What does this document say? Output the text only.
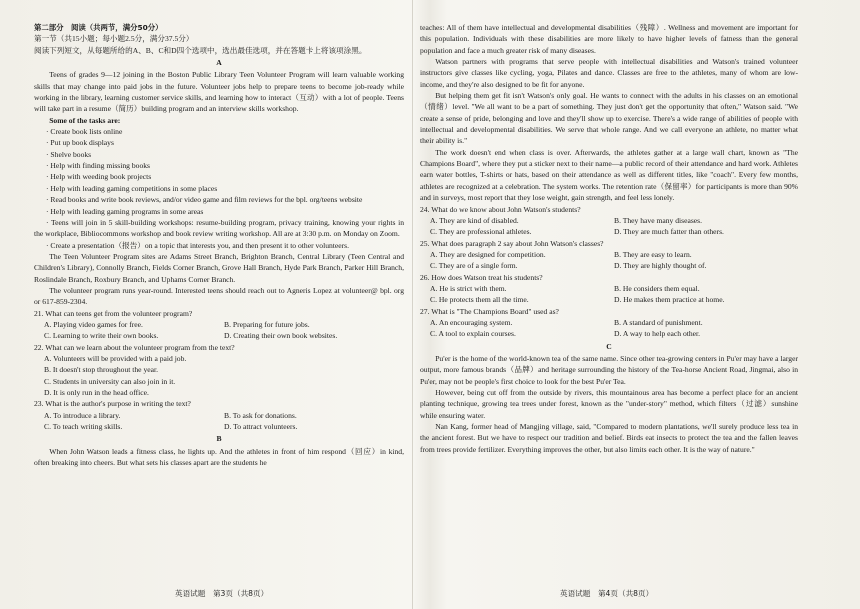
第二部分　阅读（共两节，满分50分）

第一节（共15小题；每小题2.5分，满分37.5分）

阅读下列短文，从每题所给的A、B、C和D四个选项中，选出最佳选项，并在答题卡上将该项涂黑。

A

Teens of grades 9—12 joining in the Boston Public Library Teen Volunteer Program will learn valuable working skills that may change into paid jobs in the future. Volunteer jobs help to prepare teens to become job-ready while working in the library, learning customer service skills, and learning how to interact（互动）with a lot of people. Teens will take part in a resume（简历）building program and an interview skills workshop.

Some of the tasks are:

· Create book lists online

· Put up book displays

· Shelve books

· Help with finding missing books

· Help with weeding book projects

· Help with leading gaming competitions in some places

· Read books and write book reviews, and/or video game and film reviews for the bpl. org/teens website

· Help with leading gaming programs in some areas

· Teens will join in 5 skill-building workshops: resume-building program, privacy training, knowing your rights in the workplace, Bibliocommons workshop and book review writing workshop. All are at 3:30 p.m. on Monday on Zoom.

· Create a presentation（报告）on a topic that interests you, and then present it to other volunteers.

The Teen Volunteer Program sites are Adams Street Branch, Brighton Branch, Central Library (Teen Central and Children's Library), Connolly Branch, Fields Corner Branch, Grove Hall Branch, Hyde Park Branch, Parker Hill Branch, Roslindale Branch, Roxbury Branch, and Uphams Corner Branch.

The volunteer program runs year-round. Interested teens should reach out to Agneris Lopez at volunteer@ bpl. org or 617-859-2304.

21. What can teens get from the volunteer program?

A. Playing video games for free.	B. Preparing for future jobs.
C. Learning to write their own books.	D. Creating their own book websites.

22. What can we learn about the volunteer program from the text?

A. Volunteers will be provided with a paid job.

B. It doesn't stop throughout the year.

C. Students in university can also join in it.

D. It is only run in the head office.

23. What is the author's purpose in writing the text?

A. To introduce a library.	B. To ask for donations.
C. To teach writing skills.	D. To attract volunteers.

B

When John Watson leads a fitness class, he lights up. And the athletes in front of him respond（回应）in kind, often breaking into cheers. But what sets his classes apart are the students he

英语试题　第3页（共8页）

teaches: All of them have intellectual and developmental disabilities（残障）. Wellness and movement are important for this population. Individuals with these disabilities are more likely to have higher levels of fatness than the general population and face a much greater risk of many diseases.

Watson partners with programs that serve people with intellectual disabilities and Watson's trained volunteer instructors give classes like cycling, yoga, Pilates and dance. Classes are free to the athletes, many of whom are low-income, and they're also designed to be fit for anyone.

But helping them get fit isn't Watson's only goal. He wants to connect with the adults in his classes on an emotional（情绪）level. "We all want to be a part of something. They just don't get the opportunity that often," Watson said. "We create a sense of pride, belonging and love and they'll show up to exercise. There's a wide range of abilities of people with intellectual and developmental disabilities. We serve that whole range. And we call everyone an athlete, no matter what their ability is."

The work doesn't end when class is over. Afterwards, the athletes gather at a large wall chart, known as "The Champions Board", where they put a sticker next to their name—a public record of their attendance and hard work. Athletes earn water bottles, T-shirts or hats, based on their attendance as well as different titles, like "coach". Every few months, athletes are recognized at a celebration. The system works. The retention rate（保留率）for participants is more than 90% and in surveys, most report that they lose weight, gain strength, and feel less lonely.

24. What do we know about John Watson's students?

A. They are kind of disabled.	B. They have many diseases.
C. They are professional athletes.	D. They are much fatter than others.

25. What does paragraph 2 say about John Watson's classes?

A. They are designed for competition.	B. They are easy to learn.
C. They are of a single form.	D. They are highly thought of.

26. How does Watson treat his students?

A. He is strict with them.	B. He considers them equal.
C. He protects them all the time.	D. He makes them practice at home.

27. What is "The Champions Board" used as?

A. An encouraging system.	B. A standard of punishment.
C. A tool to explain courses.	D. A way to help each other.

C

Pu'er is the home of the world-known tea of the same name. Since other tea-growing centers in Pu'er may have a larger output, more famous brands（品牌）and heritage surrounding the history of the Tea-horse Ancient Road, Jingmai, also in Pu'er, may not be people's first choice to look for the best Pu'er Tea.

However, being cut off from the outside by rivers, this mountainous area has become a perfect place for an ancient planting technique, growing tea trees under forest, known as the "under-story" method, which filters（过滤）sunshine while ensuring water.

Nan Kang, former head of Mangjing village, said, "Compared to modern plantations, we'll surely produce less tea in the ancient forest. But we have to respect our tradition and belief. Birds eat insects to protect the tea and the fallen leaves from trees provide fertilizer. Everything improves the other, but also limits each other. It is the way of nature."

英语试题　第4页（共8页）
